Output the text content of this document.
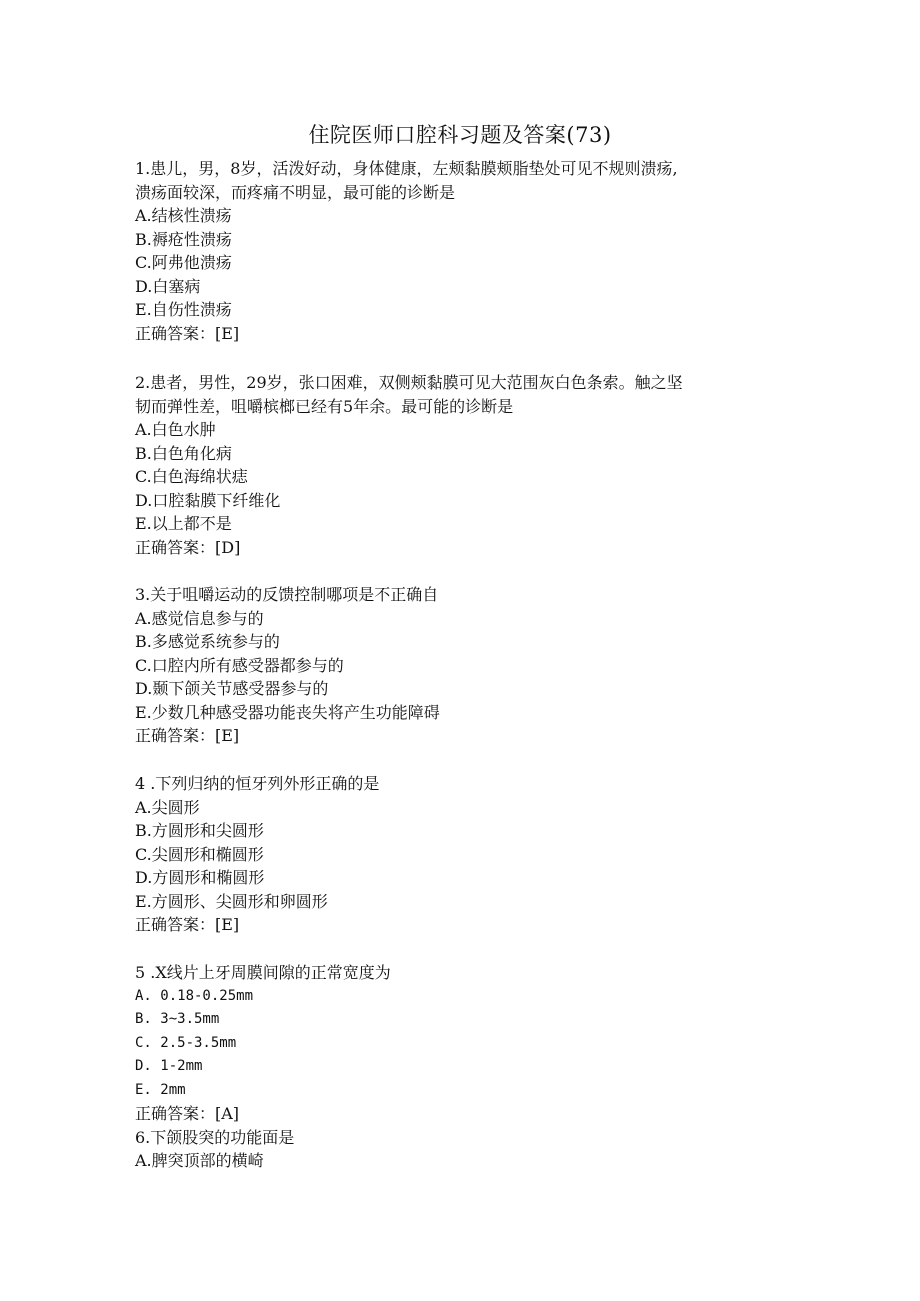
住院医师口腔科习题及答案(73)
1.患儿，男，8岁，活泼好动，身体健康，左颊黏膜颊脂垫处可见不规则溃疡,
溃疡面较深，而疼痛不明显，最可能的诊断是
A.结核性溃疡
B.褥疮性溃疡
C.阿弗他溃疡
D.白塞病
E.自伤性溃疡
正确答案：[E]
2.患者，男性，29岁，张口困难，双侧颊黏膜可见大范围灰白色条索。触之坚
韧而弹性差，咀嚼槟榔已经有5年余。最可能的诊断是
A.白色水肿
B.白色角化病
C.白色海绵状痣
D.口腔黏膜下纤维化
E.以上都不是
正确答案：[D]
3.关于咀嚼运动的反馈控制哪项是不正确自
A.感觉信息参与的
B.多感觉系统参与的
C.口腔内所有感受器都参与的
D.颞下颌关节感受器参与的
E.少数几种感受器功能丧失将产生功能障碍
正确答案：[E]
4 .下列归纳的恒牙列外形正确的是
A.尖圆形
B.方圆形和尖圆形
C.尖圆形和椭圆形
D.方圆形和椭圆形
E.方圆形、尖圆形和卵圆形
正确答案：[E]
5 .X线片上牙周膜间隙的正常宽度为
A. 0.18-0.25mm
B. 3~3.5mm
C. 2.5-3.5mm
D. 1-2mm
E. 2mm
正确答案：[A]
6.下颌股突的功能面是
A.脾突顶部的横崎
